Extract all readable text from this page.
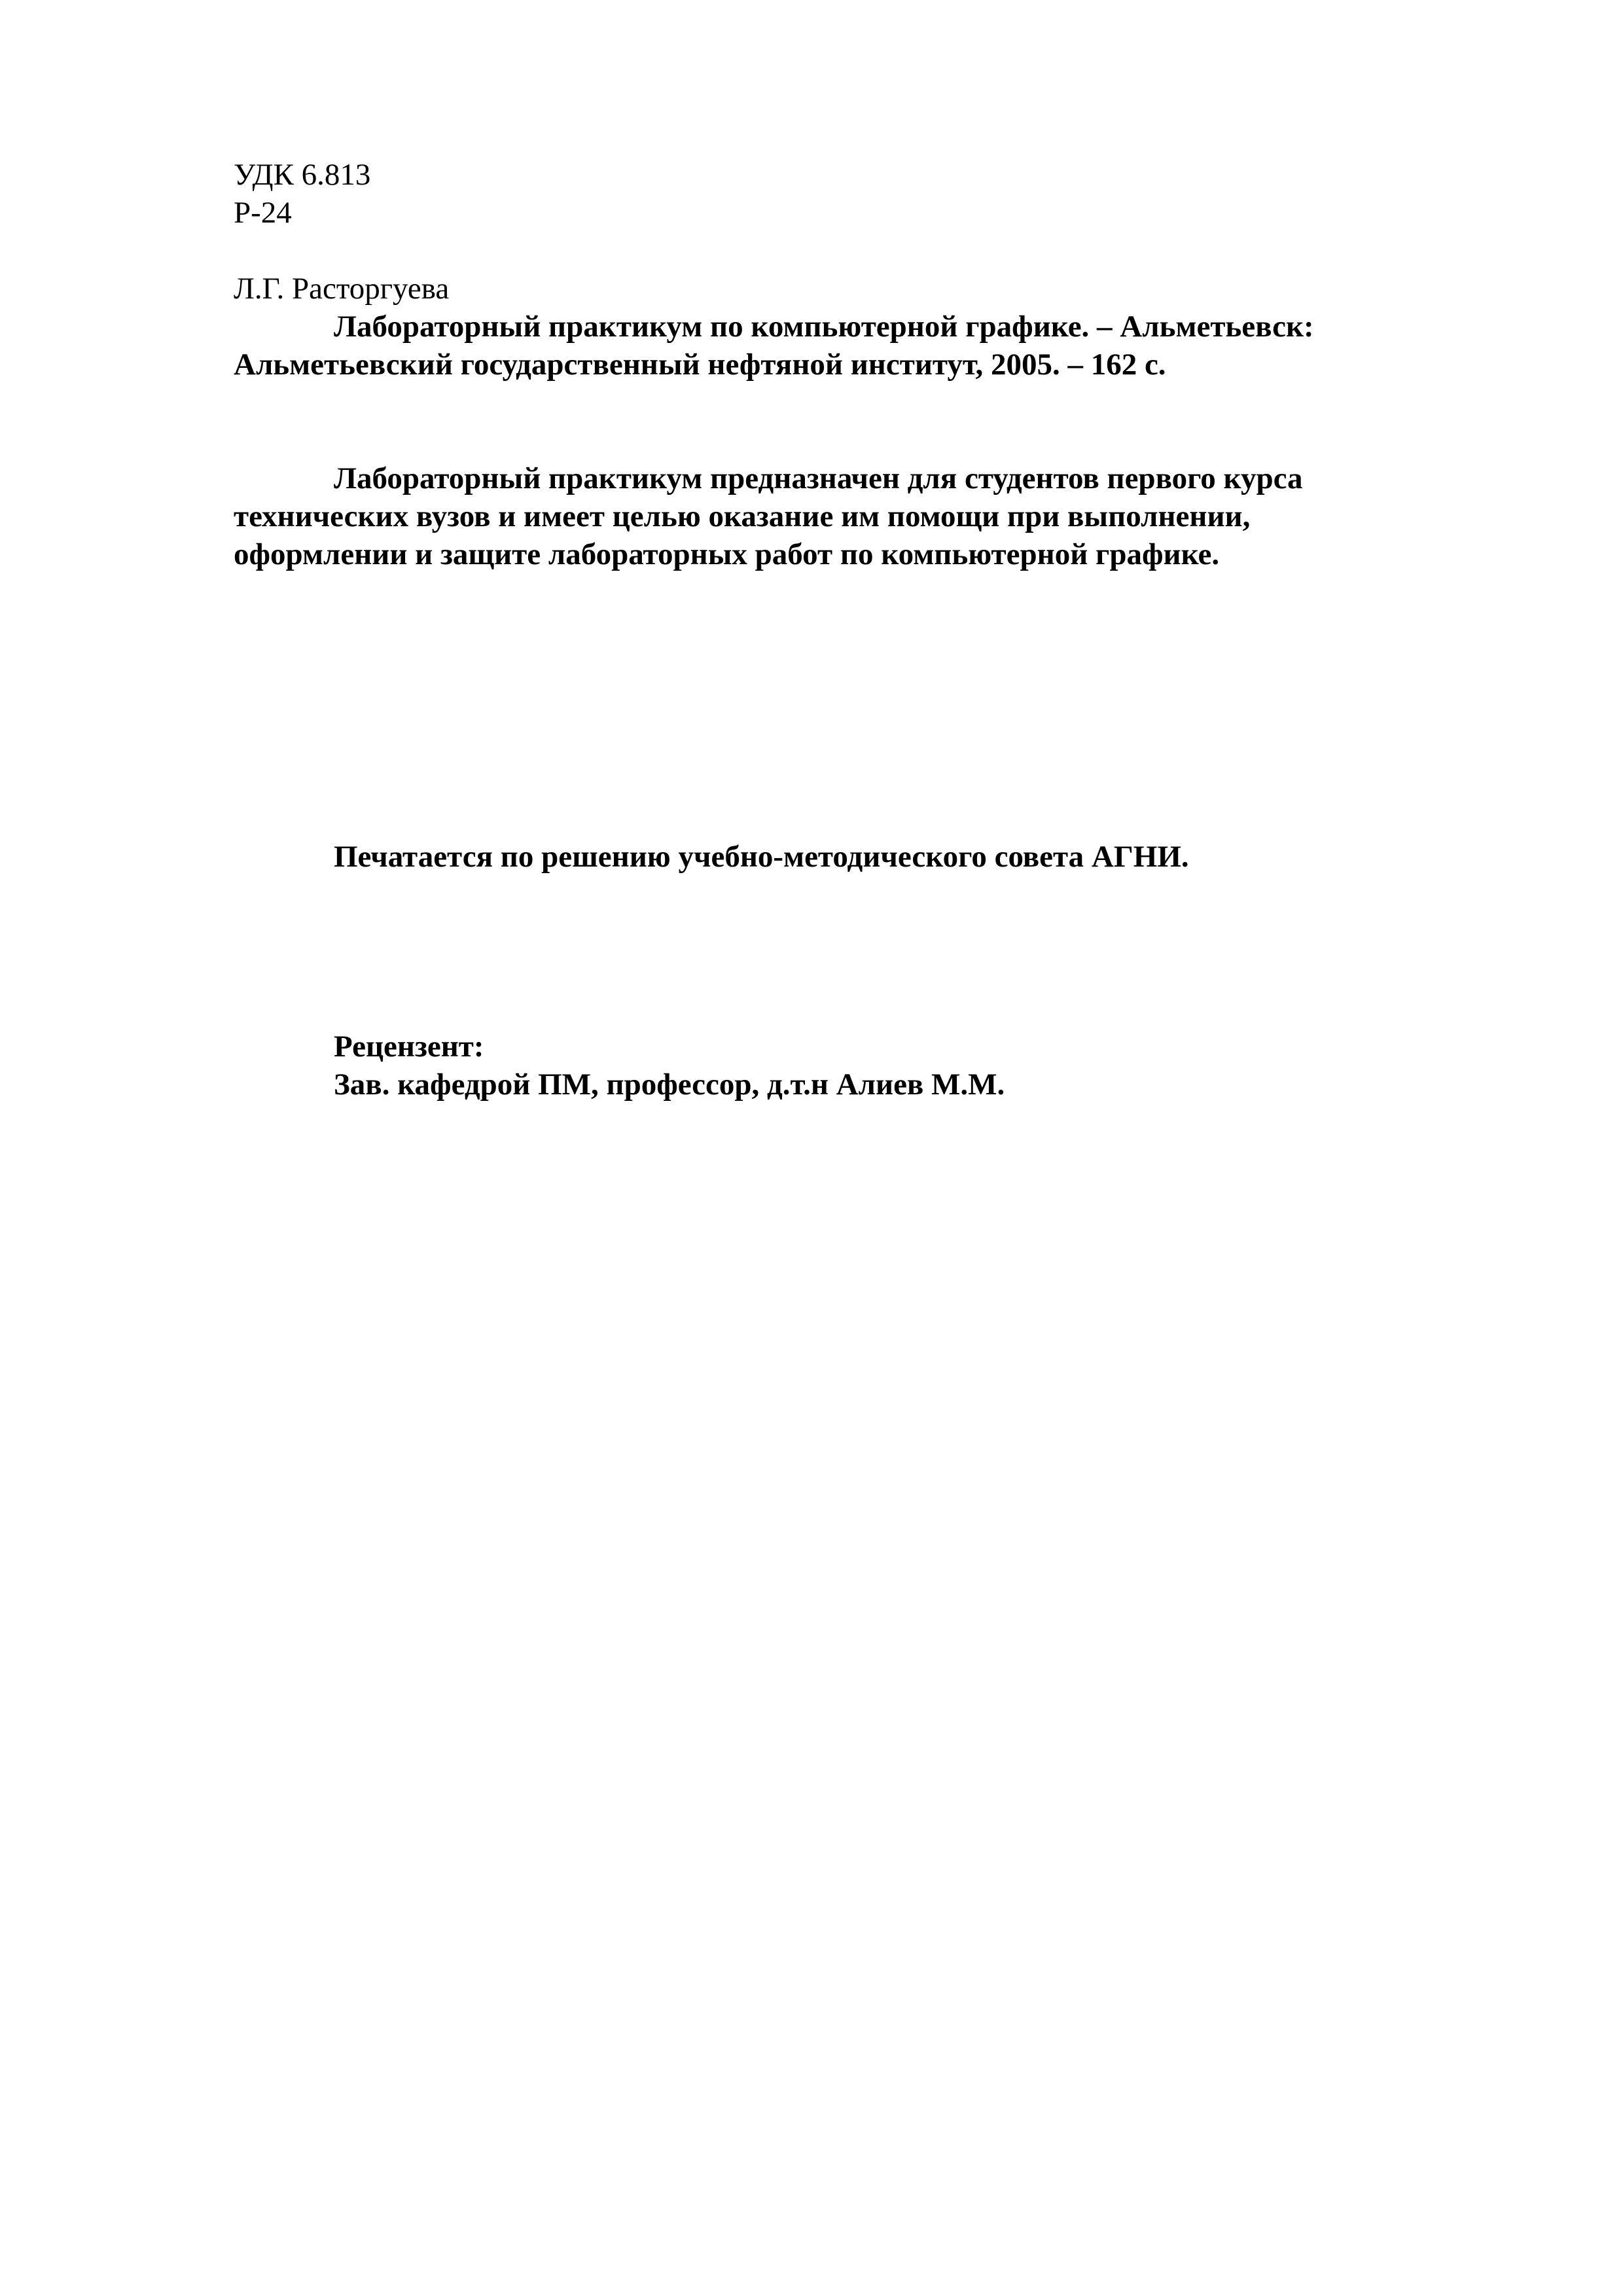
УДК 6.813
Р-24
Л.Г. Расторгуева
Лабораторный практикум по компьютерной графике. – Альметьевск:
Альметьевский государственный нефтяной институт, 2005. – 162 с.
Лабораторный практикум предназначен для студентов первого курса
технических вузов и имеет целью оказание им помощи при выполнении,
оформлении и защите лабораторных работ по компьютерной графике.
Печатается по решению учебно-методического совета АГНИ.
Рецензент:
Зав. кафедрой ПМ, профессор, д.т.н Алиев М.М.
